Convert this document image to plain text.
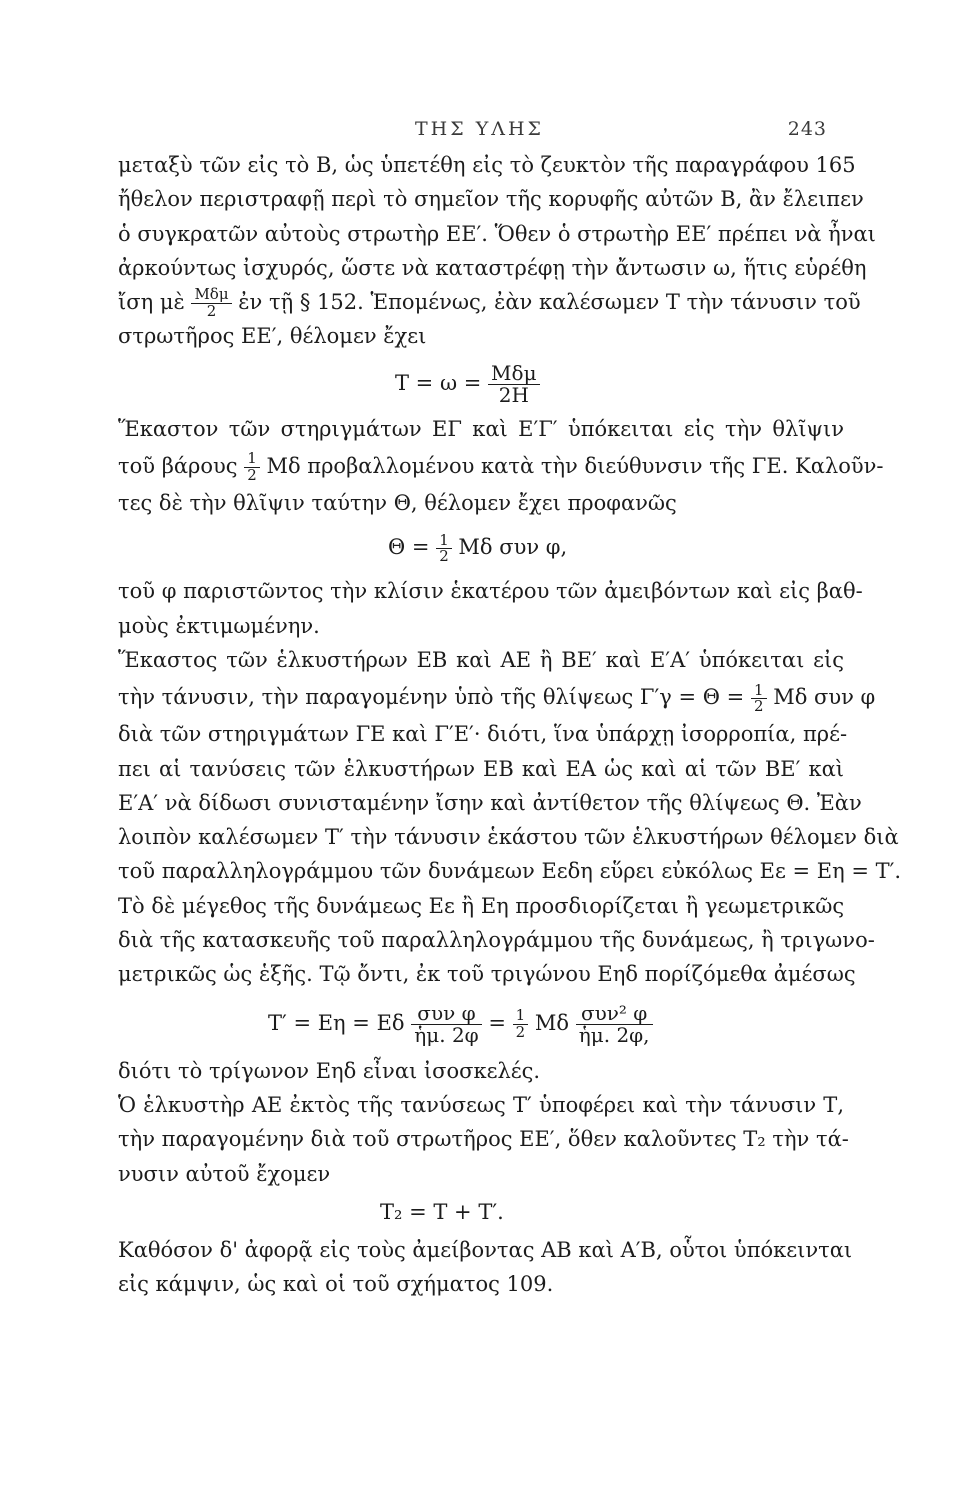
ΤΗΣ ΥΛΗΣ	243
μεταξὺ τῶν εἰς τὸ Β, ὡς ὑπετέθη εἰς τὸ ζευκτὸν τῆς παραγράφου 165
ἤθελον περιστραφῇ περὶ τὸ σημεῖον τῆς κορυφῆς αὐτῶν Β, ἂν ἔλειπεν
ὁ συγκρατῶν αὐτοὺς στρωτὴρ ΕΕ′. Ὅθεν ὁ στρωτὴρ ΕΕ′ πρέπει νὰ ἦναι
ἀρκούντως ἰσχυρός, ὥστε νὰ καταστρέφῃ τὴν ἄντωσιν ω, ἥτις εὑρέθη
ἴση μὲ $\frac{\text{Μδμ}}{2}$ ἐν τῇ § 152. Ἑπομένως, ἐὰν καλέσωμεν Τ τὴν τάνυσιν τοῦ
στρωτῆρος ΕΕ′, θέλομεν ἔχει
$T = \omega = \frac{\text{Μδμ}}{2H}$
Ἕκαστον τῶν στηριγμάτων ΕΓ καὶ Ε′Γ′ ὑπόκειται εἰς τὴν θλῖψιν
τοῦ βάρους $\frac{1}{2}$ Μδ προβαλλομένου κατὰ τὴν διεύθυνσιν τῆς ΓΕ. Καλοῦν-
τες δὲ τὴν θλῖψιν ταύτην Θ, θέλομεν ἔχει προφανῶς
$\Theta = \frac{1}{2}$ Μδ συν φ,
τοῦ φ παριστῶντος τὴν κλίσιν ἑκατέρου τῶν ἀμειβόντων καὶ εἰς βαθ-
μοὺς ἐκτιμωμένην.
Ἕκαστος τῶν ἑλκυστήρων ΕΒ καὶ ΑΕ ἢ ΒΕ′ καὶ Ε′Α′ ὑπόκειται εἰς
τὴν τάνυσιν, τὴν παραγομένην ὑπὸ τῆς θλίψεως $\Gamma'\gamma = \Theta = \frac{1}{2}$ Μδ συν φ
διὰ τῶν στηριγμάτων ΓΕ καὶ Γ′Ε′· διότι, ἵνα ὑπάρχῃ ἰσορροπία, πρέ-
πει αἱ τανύσεις τῶν ἑλκυστήρων ΕΒ καὶ ΕΑ ὡς καὶ αἱ τῶν ΒΕ′ καὶ
Ε′Α′ νὰ δίδωσι συνισταμένην ἴσην καὶ ἀντίθετον τῆς θλίψεως Θ. Ἐὰν
λοιπὸν καλέσωμεν Τ′ τὴν τάνυσιν ἑκάστου τῶν ἑλκυστήρων θέλομεν διὰ
τοῦ παραλληλογράμμου τῶν δυνάμεων Εεδη εὕρει εὐκόλως Εε = Εη = Τ′.
Τὸ δὲ μέγεθος τῆς δυνάμεως Εε ἢ Εη προσδιορίζεται ἢ γεωμετρικῶς
διὰ τῆς κατασκευῆς τοῦ παραλληλογράμμου τῆς δυνάμεως, ἢ τριγωνο-
μετρικῶς ὡς ἑξῆς. Τῷ ὄντι, ἐκ τοῦ τριγώνου Εηδ πορίζόμεθα ἀμέσως
Τ′ = Εη = Εδ $\frac{\text{συν φ}}{\text{ἡμ. 2φ}} = \frac{1}{2}$ Μδ $\frac{\text{συν² φ}}{\text{ἡμ. 2φ,}}$
διότι τὸ τρίγωνον Εηδ εἶναι ἰσοσκελές.
Ὁ ἑλκυστὴρ ΑΕ ἐκτὸς τῆς τανύσεως Τ′ ὑποφέρει καὶ τὴν τάνυσιν Τ,
τὴν παραγομένην διὰ τοῦ στρωτῆρος ΕΕ′, ὅθεν καλοῦντες Τ₂ τὴν τά-
νυσιν αὐτοῦ ἔχομεν
Τ₂ = Τ + Τ′.
Καθόσον δ' ἀφορᾷ εἰς τοὺς ἀμείβοντας ΑΒ καὶ Α′Β, οὗτοι ὑπόκεινται
εἰς κάμψιν, ὡς καὶ οἱ τοῦ σχήματος 109.
